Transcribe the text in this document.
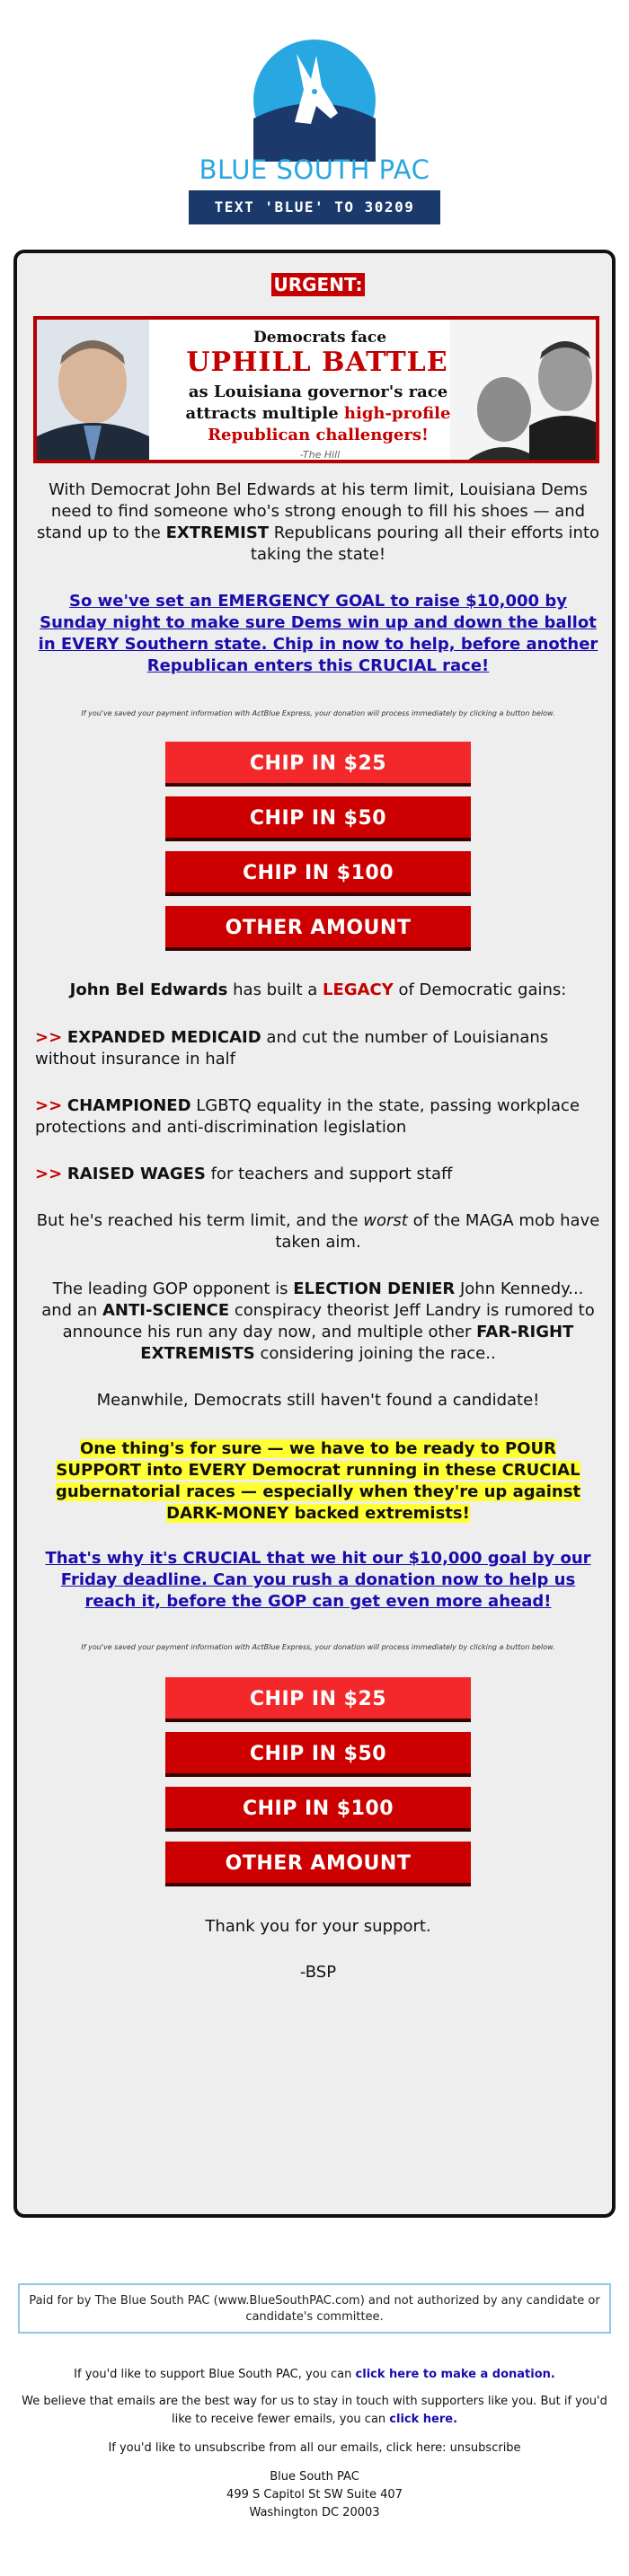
BLUE SOUTH PAC
TEXT 'BLUE' TO 30209
URGENT:
Democrats face
UPHILL BATTLE
as Louisiana governor's race
attracts multiple high-profile
Republican challengers!
-The Hill
With Democrat John Bel Edwards at his term limit, Louisiana Dems need to find someone who's strong enough to fill his shoes — and stand up to the EXTREMIST Republicans pouring all their efforts into taking the state!
So we've set an EMERGENCY GOAL to raise $10,000 by Sunday night to make sure Dems win up and down the ballot in EVERY Southern state. Chip in now to help, before another Republican enters this CRUCIAL race!
If you've saved your payment information with ActBlue Express, your donation will process immediately by clicking a button below.
CHIP IN $25
CHIP IN $50
CHIP IN $100
OTHER AMOUNT
John Bel Edwards has built a LEGACY of Democratic gains:
>> EXPANDED MEDICAID and cut the number of Louisianans without insurance in half
>> CHAMPIONED LGBTQ equality in the state, passing workplace protections and anti-discrimination legislation
>> RAISED WAGES for teachers and support staff
But he's reached his term limit, and the worst of the MAGA mob have taken aim.
The leading GOP opponent is ELECTION DENIER John Kennedy... and an ANTI-SCIENCE conspiracy theorist Jeff Landry is rumored to announce his run any day now, and multiple other FAR-RIGHT EXTREMISTS considering joining the race..
Meanwhile, Democrats still haven't found a candidate!
One thing's for sure — we have to be ready to POUR SUPPORT into EVERY Democrat running in these CRUCIAL gubernatorial races — especially when they're up against DARK-MONEY backed extremists!
That's why it's CRUCIAL that we hit our $10,000 goal by our Friday deadline. Can you rush a donation now to help us reach it, before the GOP can get even more ahead!
If you've saved your payment information with ActBlue Express, your donation will process immediately by clicking a button below.
CHIP IN $25
CHIP IN $50
CHIP IN $100
OTHER AMOUNT
Thank you for your support.
-BSP
Paid for by The Blue South PAC (www.BlueSouthPAC.com) and not authorized by any candidate or candidate's committee.
If you'd like to support Blue South PAC, you can click here to make a donation.
We believe that emails are the best way for us to stay in touch with supporters like you. But if you'd like to receive fewer emails, you can click here.
If you'd like to unsubscribe from all our emails, click here: unsubscribe
Blue South PAC
499 S Capitol St SW Suite 407
Washington DC 20003
